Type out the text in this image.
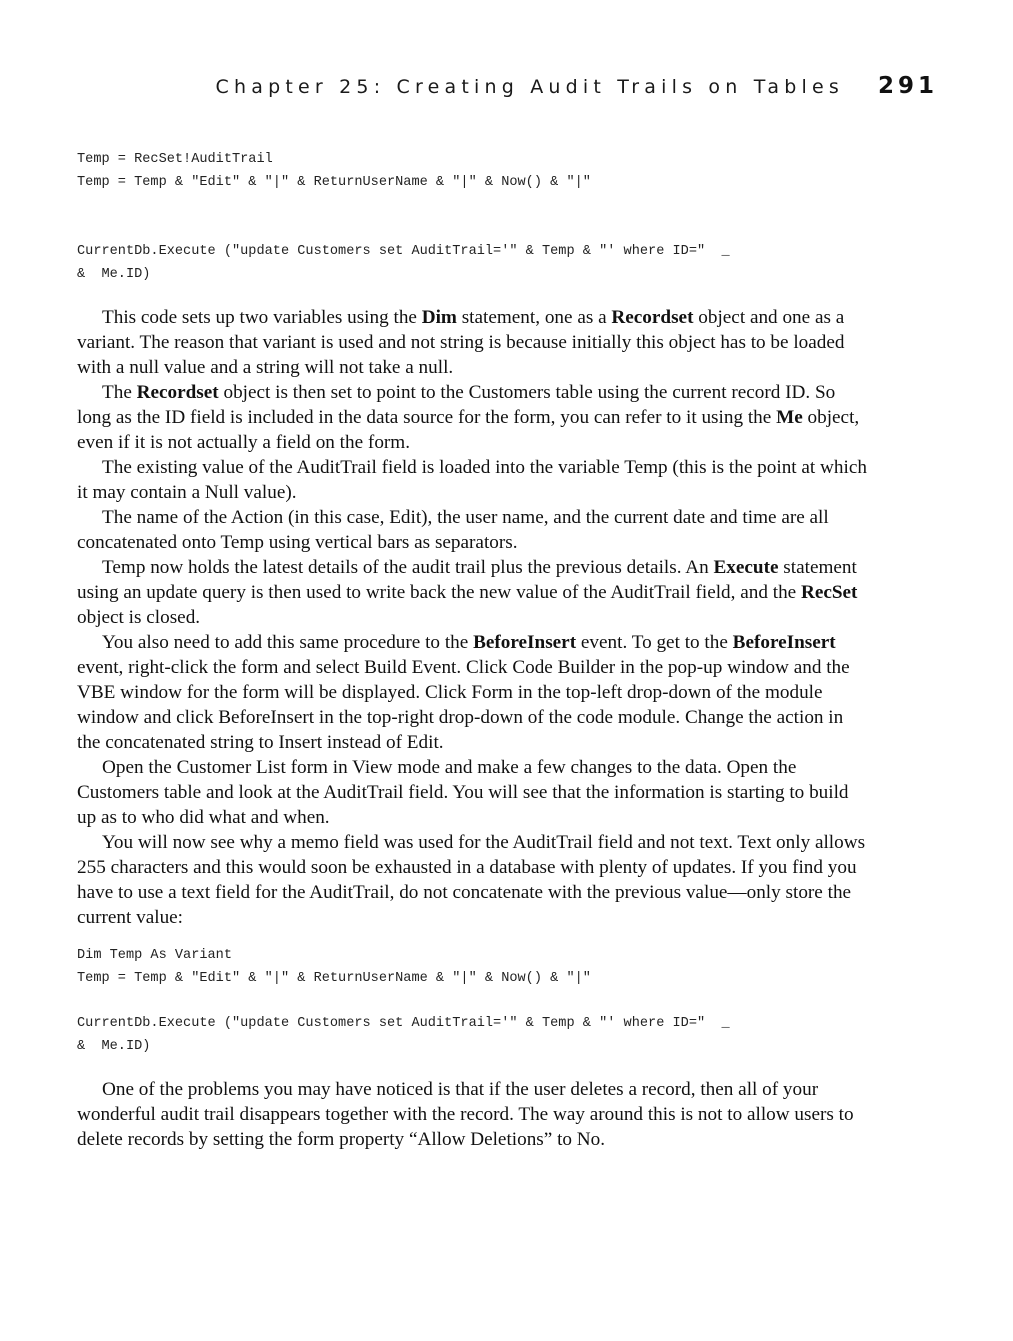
Chapter 25: Creating Audit Trails on Tables 291
Temp = RecSet!AuditTrail
Temp = Temp & "Edit" & "|" & ReturnUserName & "|" & Now() & "|"
CurrentDb.Execute ("update Customers set AuditTrail='" & Temp & "' where ID="  _
&  Me.ID)

This code sets up two variables using the Dim statement, one as a Recordset object and one as a variant. The reason that variant is used and not string is because initially this object has to be loaded with a null value and a string will not take a null.

The Recordset object is then set to point to the Customers table using the current record ID. So long as the ID field is included in the data source for the form, you can refer to it using the Me object, even if it is not actually a field on the form.

The existing value of the AuditTrail field is loaded into the variable Temp (this is the point at which it may contain a Null value).

The name of the Action (in this case, Edit), the user name, and the current date and time are all concatenated onto Temp using vertical bars as separators.

Temp now holds the latest details of the audit trail plus the previous details. An Execute statement using an update query is then used to write back the new value of the AuditTrail field, and the RecSet object is closed.

You also need to add this same procedure to the BeforeInsert event. To get to the BeforeInsert event, right-click the form and select Build Event. Click Code Builder in the pop-up window and the VBE window for the form will be displayed. Click Form in the top-left drop-down of the module window and click BeforeInsert in the top-right drop-down of the code module. Change the action in the concatenated string to Insert instead of Edit.

Open the Customer List form in View mode and make a few changes to the data. Open the Customers table and look at the AuditTrail field. You will see that the information is starting to build up as to who did what and when.

You will now see why a memo field was used for the AuditTrail field and not text. Text only allows 255 characters and this would soon be exhausted in a database with plenty of updates. If you find you have to use a text field for the AuditTrail, do not concatenate with the previous value—only store the current value:

Dim Temp As Variant
Temp = Temp & "Edit" & "|" & ReturnUserName & "|" & Now() & "|"
CurrentDb.Execute ("update Customers set AuditTrail='" & Temp & "' where ID="  _
&  Me.ID)

One of the problems you may have noticed is that if the user deletes a record, then all of your wonderful audit trail disappears together with the record. The way around this is not to allow users to delete records by setting the form property “Allow Deletions” to No.
